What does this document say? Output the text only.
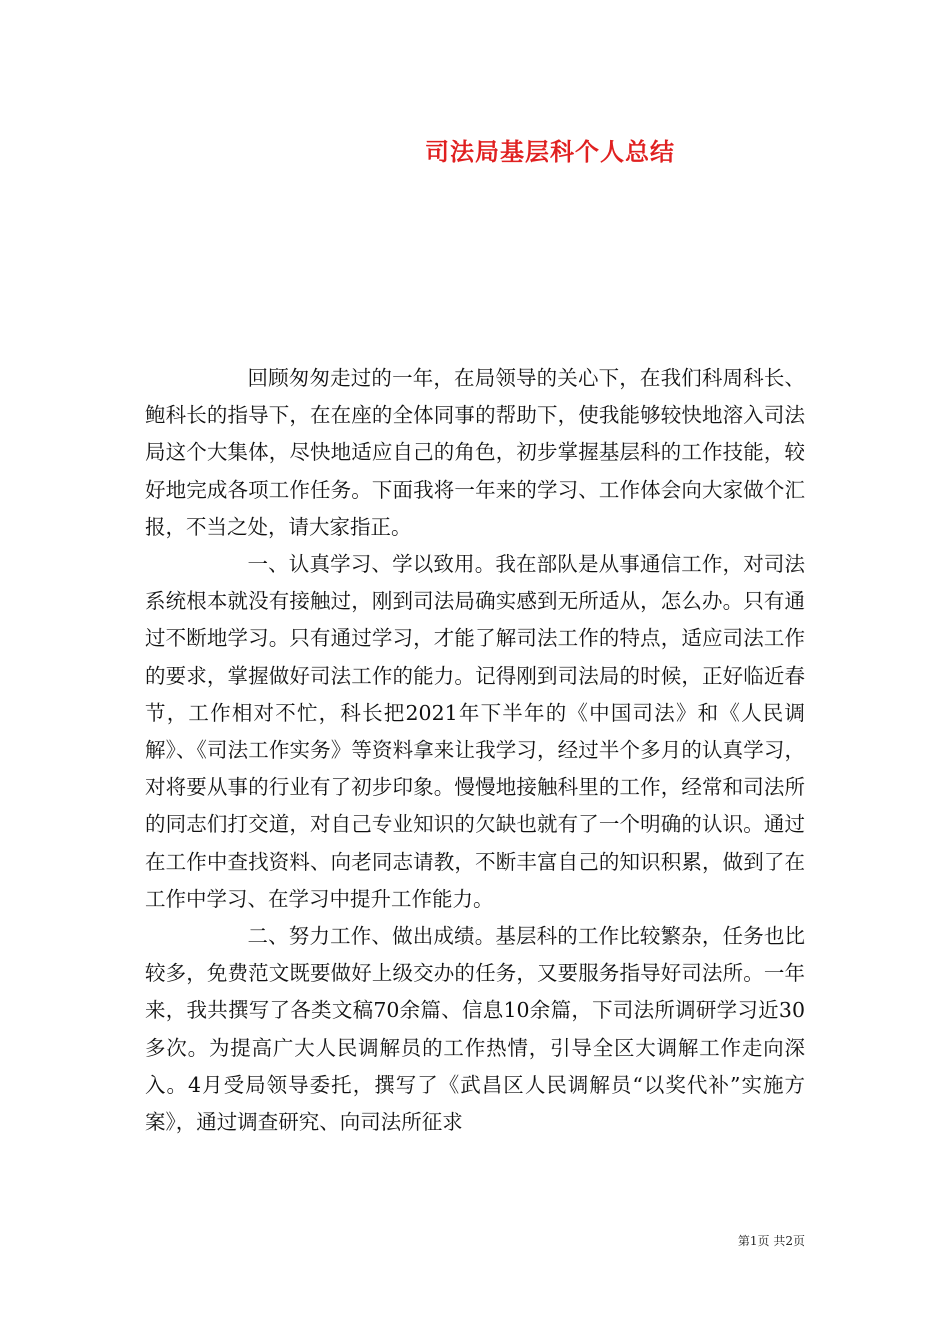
司法局基层科个人总结

回顾匆匆走过的一年，在局领导的关心下，在我们科周科长、鲍科长的指导下，在在座的全体同事的帮助下，使我能够较快地溶入司法局这个大集体，尽快地适应自己的角色，初步掌握基层科的工作技能，较好地完成各项工作任务。下面我将一年来的学习、工作体会向大家做个汇报，不当之处，请大家指正。

一、认真学习、学以致用。我在部队是从事通信工作，对司法系统根本就没有接触过，刚到司法局确实感到无所适从，怎么办。只有通过不断地学习。只有通过学习，才能了解司法工作的特点，适应司法工作的要求，掌握做好司法工作的能力。记得刚到司法局的时候，正好临近春节，工作相对不忙，科长把2021年下半年的《中国司法》和《人民调解》、《司法工作实务》等资料拿来让我学习，经过半个多月的认真学习，对将要从事的行业有了初步印象。慢慢地接触科里的工作，经常和司法所的同志们打交道，对自己专业知识的欠缺也就有了一个明确的认识。通过在工作中查找资料、向老同志请教，不断丰富自己的知识积累，做到了在工作中学习、在学习中提升工作能力。

二、努力工作、做出成绩。基层科的工作比较繁杂，任务也比较多，免费范文既要做好上级交办的任务，又要服务指导好司法所。一年来，我共撰写了各类文稿70余篇、信息10余篇，下司法所调研学习近30多次。为提高广大人民调解员的工作热情，引导全区大调解工作走向深入。4月受局领导委托，撰写了《武昌区人民调解员“以奖代补”实施方案》，通过调查研究、向司法所征求

第1页 共2页
